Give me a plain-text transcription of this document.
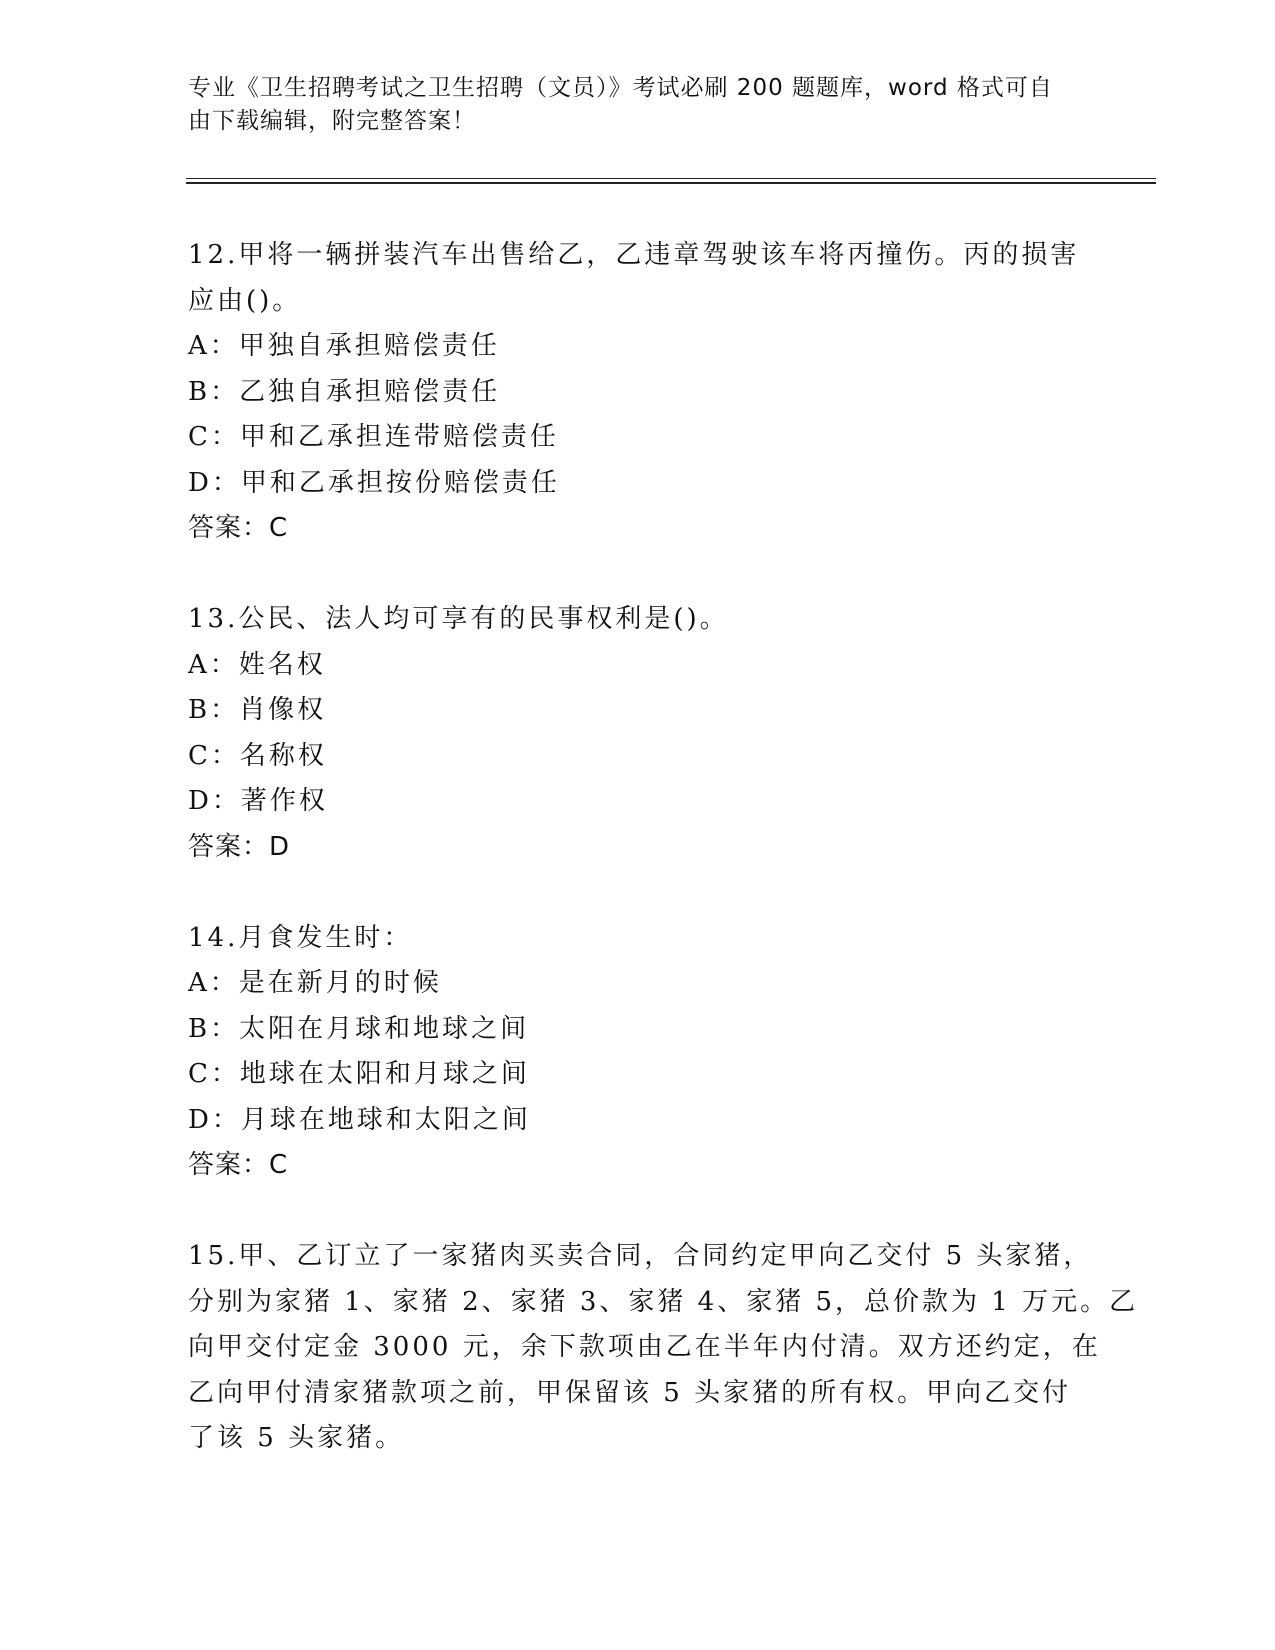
专业《卫生招聘考试之卫生招聘（文员）》考试必刷 200 题题库，word 格式可自
由下载编辑，附完整答案！
12.甲将一辆拼装汽车出售给乙，乙违章驾驶该车将丙撞伤。丙的损害
应由()。
A：甲独自承担赔偿责任
B：乙独自承担赔偿责任
C：甲和乙承担连带赔偿责任
D：甲和乙承担按份赔偿责任
答案：C
13.公民、法人均可享有的民事权利是()。
A：姓名权
B：肖像权
C：名称权
D：著作权
答案：D
14.月食发生时：
A：是在新月的时候
B：太阳在月球和地球之间
C：地球在太阳和月球之间
D：月球在地球和太阳之间
答案：C
15.甲、乙订立了一家猪肉买卖合同，合同约定甲向乙交付 5 头家猪，
分别为家猪 1、家猪 2、家猪 3、家猪 4、家猪 5，总价款为 1 万元。乙
向甲交付定金 3000 元，余下款项由乙在半年内付清。双方还约定，在
乙向甲付清家猪款项之前，甲保留该 5 头家猪的所有权。甲向乙交付
了该 5 头家猪。
